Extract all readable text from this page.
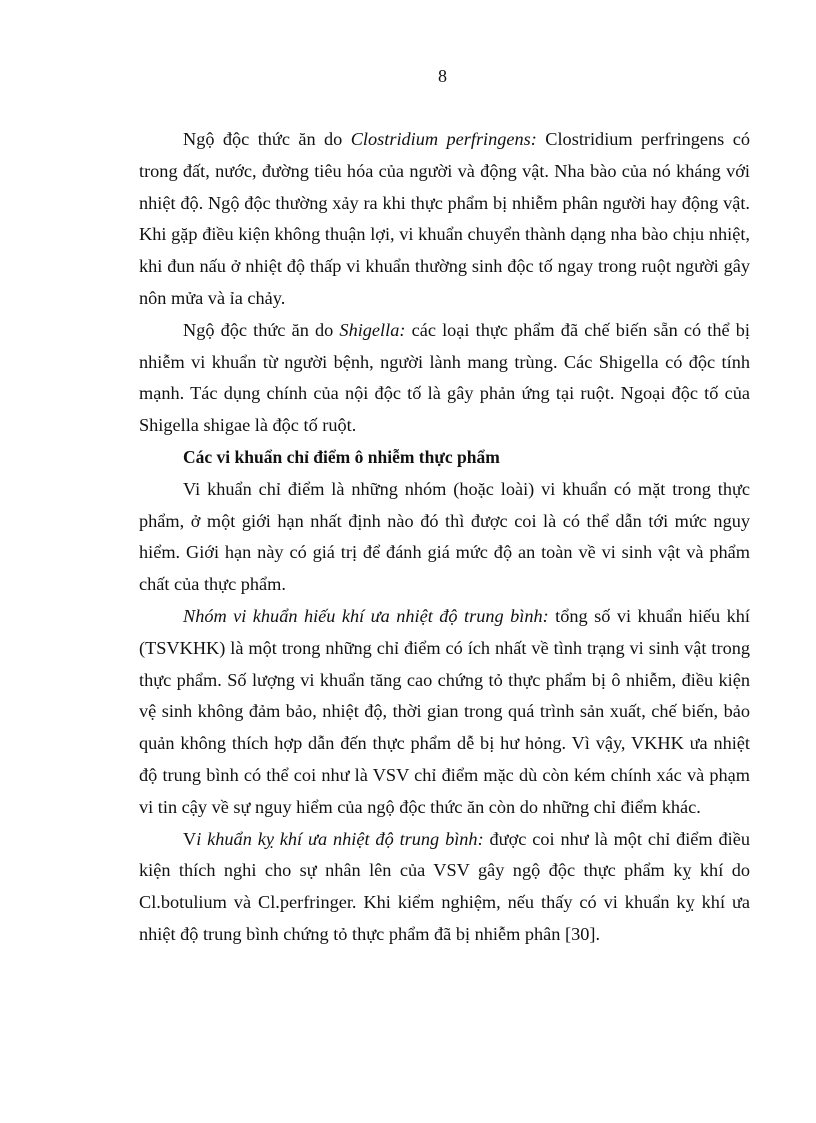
8

Ngộ độc thức ăn do Clostridium perfringens: Clostridium perfringens có trong đất, nước, đường tiêu hóa của người và động vật. Nha bào của nó kháng với nhiệt độ. Ngộ độc thường xảy ra khi thực phẩm bị nhiễm phân người hay động vật. Khi gặp điều kiện không thuận lợi, vi khuẩn chuyển thành dạng nha bào chịu nhiệt, khi đun nấu ở nhiệt độ thấp vi khuẩn thường sinh độc tố ngay trong ruột người gây nôn mửa và ỉa chảy.

Ngộ độc thức ăn do Shigella: các loại thực phẩm đã chế biến sẵn có thể bị nhiễm vi khuẩn từ người bệnh, người lành mang trùng. Các Shigella có độc tính mạnh. Tác dụng chính của nội độc tố là gây phản ứng tại ruột. Ngoại độc tố của Shigella shigae là độc tố ruột.

Các vi khuẩn chỉ điểm ô nhiễm thực phẩm

Vi khuẩn chỉ điểm là những nhóm (hoặc loài) vi khuẩn có mặt trong thực phẩm, ở một giới hạn nhất định nào đó thì được coi là có thể dẫn tới mức nguy hiểm. Giới hạn này có giá trị để đánh giá mức độ an toàn về vi sinh vật và phẩm chất của thực phẩm.

Nhóm vi khuẩn hiếu khí ưa nhiệt độ trung bình: tổng số vi khuẩn hiếu khí (TSVKHK) là một trong những chỉ điểm có ích nhất về tình trạng vi sinh vật trong thực phẩm. Số lượng vi khuẩn tăng cao chứng tỏ thực phẩm bị ô nhiễm, điều kiện vệ sinh không đảm bảo, nhiệt độ, thời gian trong quá trình sản xuất, chế biến, bảo quản không thích hợp dẫn đến thực phẩm dễ bị hư hỏng. Vì vậy, VKHK ưa nhiệt độ trung bình có thể coi như là VSV chỉ điểm mặc dù còn kém chính xác và phạm vi tin cậy về sự nguy hiểm của ngộ độc thức ăn còn do những chỉ điểm khác.

Vi khuẩn kỵ khí ưa nhiệt độ trung bình: được coi như là một chỉ điểm điều kiện thích nghi cho sự nhân lên của VSV gây ngộ độc thực phẩm kỵ khí do Cl.botulium và Cl.perfringer. Khi kiểm nghiệm, nếu thấy có vi khuẩn kỵ khí ưa nhiệt độ trung bình chứng tỏ thực phẩm đã bị nhiễm phân [30].
